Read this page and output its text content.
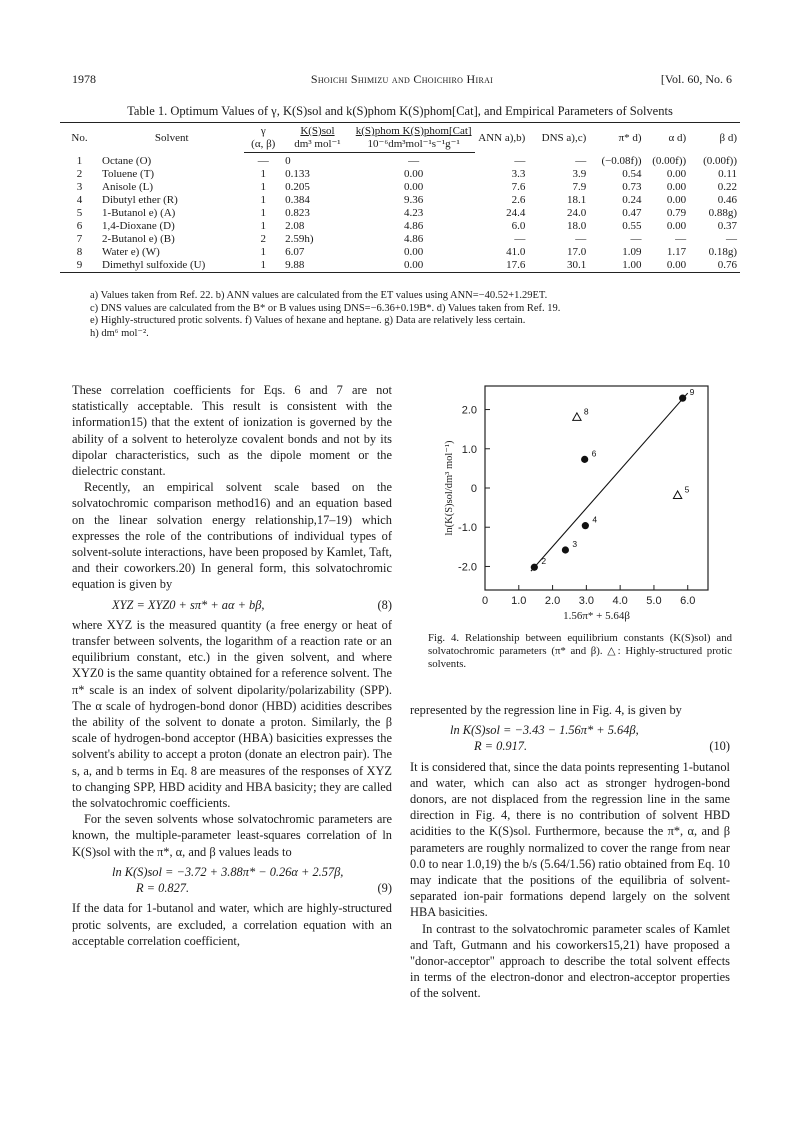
1978	Shoichi Shimizu and Choichiro Hirai	[Vol. 60, No. 6
Table 1. Optimum Values of γ, K(S)sol and k(S)phom K(S)phom[Cat], and Empirical Parameters of Solvents
No.	Solvent	γ	K(S)sol	k(S)phom K(S)phom[Cat]	ANN a),b)	DNS a),c)	π* d)	α d)	β d)
		(α, β)	dm³ mol⁻¹	10⁻⁶dm³mol⁻¹s⁻¹g⁻¹					
1	Octane (O)	—	0	—	—	—	(−0.08f))	(0.00f))	(0.00f))
2	Toluene (T)	1	0.133	0.00	3.3	3.9	0.54	0.00	0.11
3	Anisole (L)	1	0.205	0.00	7.6	7.9	0.73	0.00	0.22
4	Dibutyl ether (R)	1	0.384	9.36	2.6	18.1	0.24	0.00	0.46
5	1-Butanol e) (A)	1	0.823	4.23	24.4	24.0	0.47	0.79	0.88g)
6	1,4-Dioxane (D)	1	2.08	4.86	6.0	18.0	0.55	0.00	0.37
7	2-Butanol e) (B)	2	2.59h)	4.86	—	—	—	—	—
8	Water e) (W)	1	6.07	0.00	41.0	17.0	1.09	1.17	0.18g)
9	Dimethyl sulfoxide (U)	1	9.88	0.00	17.6	30.1	1.00	0.00	0.76
a) Values taken from Ref. 22. b) ANN values are calculated from the ET values using ANN=−40.52+1.29ET.
c) DNS values are calculated from the B* or B values using DNS=−6.36+0.19B*. d) Values taken from Ref. 19.
e) Highly-structured protic solvents. f) Values of hexane and heptane. g) Data are relatively less certain.
h) dm⁶ mol⁻².

These correlation coefficients for Eqs. 6 and 7 are not statistically acceptable. This result is consistent with the information15) that the extent of ionization is governed by the ability of a solvent to heterolyze covalent bonds and not by its dipolar characteristics, such as the dipole moment or the dielectric constant.

Recently, an empirical solvent scale based on the solvatochromic comparison method16) and an equation based on the linear solvation energy relationship,17–19) which expresses the role of the contributions of individual types of solvent-solute interactions, have been proposed by Kamlet, Taft, and their coworkers.20) In general form, this solvatochromic equation is given by

XYZ = XYZ0 + sπ* + aα + bβ,	(8)

where XYZ is the measured quantity (a free energy or heat of transfer between solvents, the logarithm of a reaction rate or an equilibrium constant, etc.) in the given solvent, and where XYZ0 is the same quantity obtained for a reference solvent. The π* scale is an index of solvent dipolarity/polarizability (SPP). The α scale of hydrogen-bond donor (HBD) acidities describes the ability of the solvent to donate a proton. Similarly, the β scale of hydrogen-bond acceptor (HBA) basicities expresses the solvent's ability to accept a proton (donate an electron pair). The s, a, and b terms in Eq. 8 are measures of the responses of XYZ to changing SPP, HBD acidity and HBA basicity; they are called the solvatochromic coefficients.

For the seven solvents whose solvatochromic parameters are known, the multiple-parameter least-squares correlation of ln K(S)sol with the π*, α, and β values leads to

ln K(S)sol = −3.72 + 3.88π* − 0.26α + 2.57β,
R = 0.827.	(9)

If the data for 1-butanol and water, which are highly-structured protic solvents, are excluded, a correlation equation with an acceptable correlation coefficient,

0 1.0 2.0 3.0 4.0 5.0 6.0
2.0
1.0
0
-1.0
-2.0
1.56π* + 5.64β
ln(K(S)sol/dm³ mol⁻¹)
2
3
4
6
9
8
5
Fig. 4. Relationship between equilibrium constants (K(S)sol) and solvatochromic parameters (π* and β). △: Highly-structured protic solvents.

represented by the regression line in Fig. 4, is given by

ln K(S)sol = −3.43 − 1.56π* + 5.64β,
R = 0.917.	(10)

It is considered that, since the data points representing 1-butanol and water, which can also act as stronger hydrogen-bond donors, are not displaced from the regression line in the same direction in Fig. 4, there is no contribution of solvent HBD acidities to the K(S)sol. Furthermore, because the π*, α, and β parameters are roughly normalized to cover the range from near 0.0 to near 1.0,19) the b/s (5.64/1.56) ratio obtained from Eq. 10 may indicate that the positions of the equilibria of solvent-separated ion-pair formations depend largely on the solvent HBA basicities.

In contrast to the solvatochromic parameter scales of Kamlet and Taft, Gutmann and his coworkers15,21) have proposed a "donor-acceptor" approach to describe the total solvent effects in terms of the electron-donor and electron-acceptor properties of the solvent.
